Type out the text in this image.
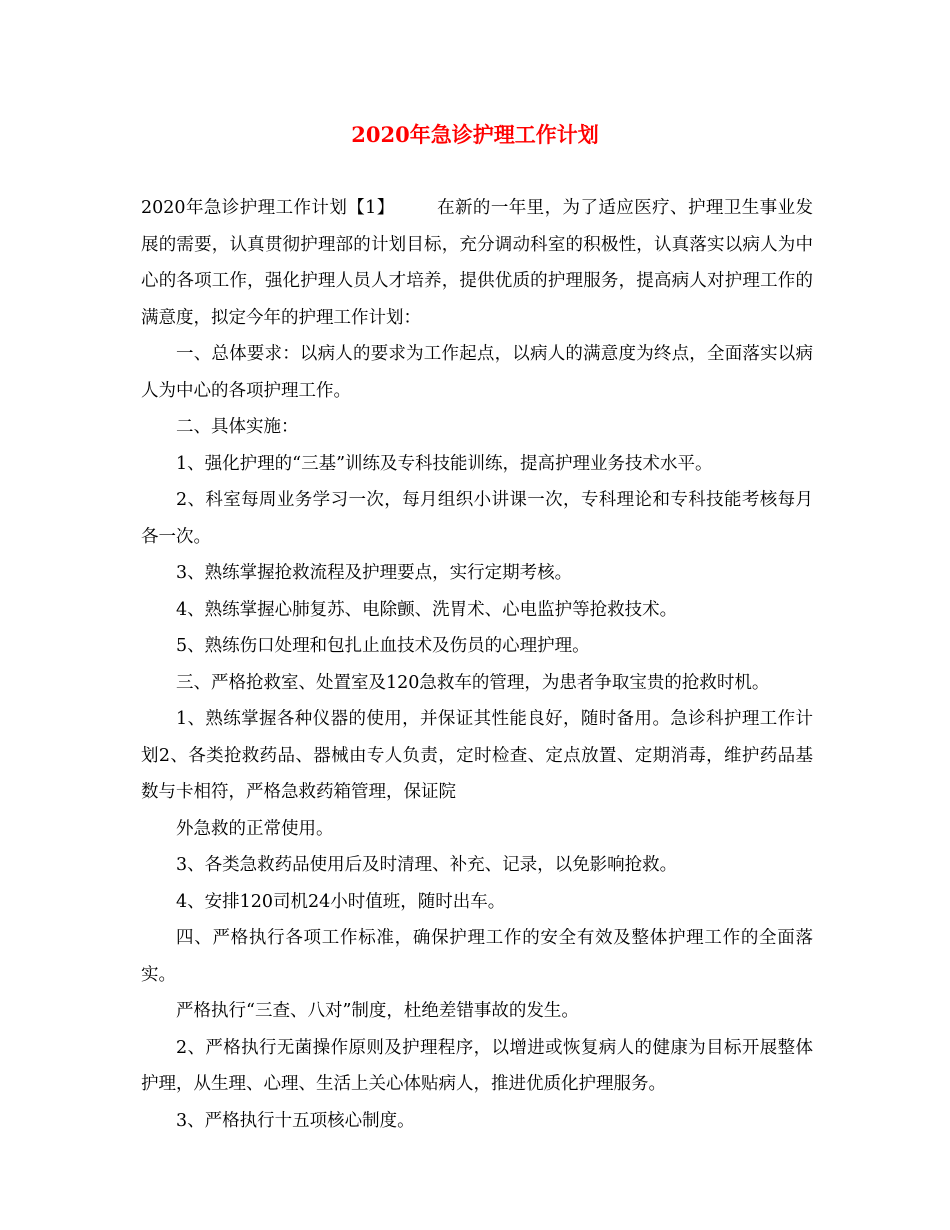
2020年急诊护理工作计划

2020年急诊护理工作计划【1】 在新的一年里，为了适应医疗、护理卫生事业发展的需要，认真贯彻护理部的计划目标，充分调动科室的积极性，认真落实以病人为中心的各项工作，强化护理人员人才培养，提供优质的护理服务，提高病人对护理工作的满意度，拟定今年的护理工作计划：

一、总体要求：以病人的要求为工作起点，以病人的满意度为终点，全面落实以病人为中心的各项护理工作。

二、具体实施：

1、强化护理的“三基”训练及专科技能训练，提高护理业务技术水平。

2、科室每周业务学习一次，每月组织小讲课一次，专科理论和专科技能考核每月各一次。

3、熟练掌握抢救流程及护理要点，实行定期考核。

4、熟练掌握心肺复苏、电除颤、洗胃术、心电监护等抢救技术。

5、熟练伤口处理和包扎止血技术及伤员的心理护理。

三、严格抢救室、处置室及120急救车的管理，为患者争取宝贵的抢救时机。

1、熟练掌握各种仪器的使用，并保证其性能良好，随时备用。急诊科护理工作计划2、各类抢救药品、器械由专人负责，定时检查、定点放置、定期消毒，维护药品基数与卡相符，严格急救药箱管理，保证院

外急救的正常使用。

3、各类急救药品使用后及时清理、补充、记录，以免影响抢救。

4、安排120司机24小时值班，随时出车。

四、严格执行各项工作标准，确保护理工作的安全有效及整体护理工作的全面落实。

严格执行“三查、八对”制度，杜绝差错事故的发生。

2、严格执行无菌操作原则及护理程序，以增进或恢复病人的健康为目标开展整体护理，从生理、心理、生活上关心体贴病人，推进优质化护理服务。

3、严格执行十五项核心制度。
